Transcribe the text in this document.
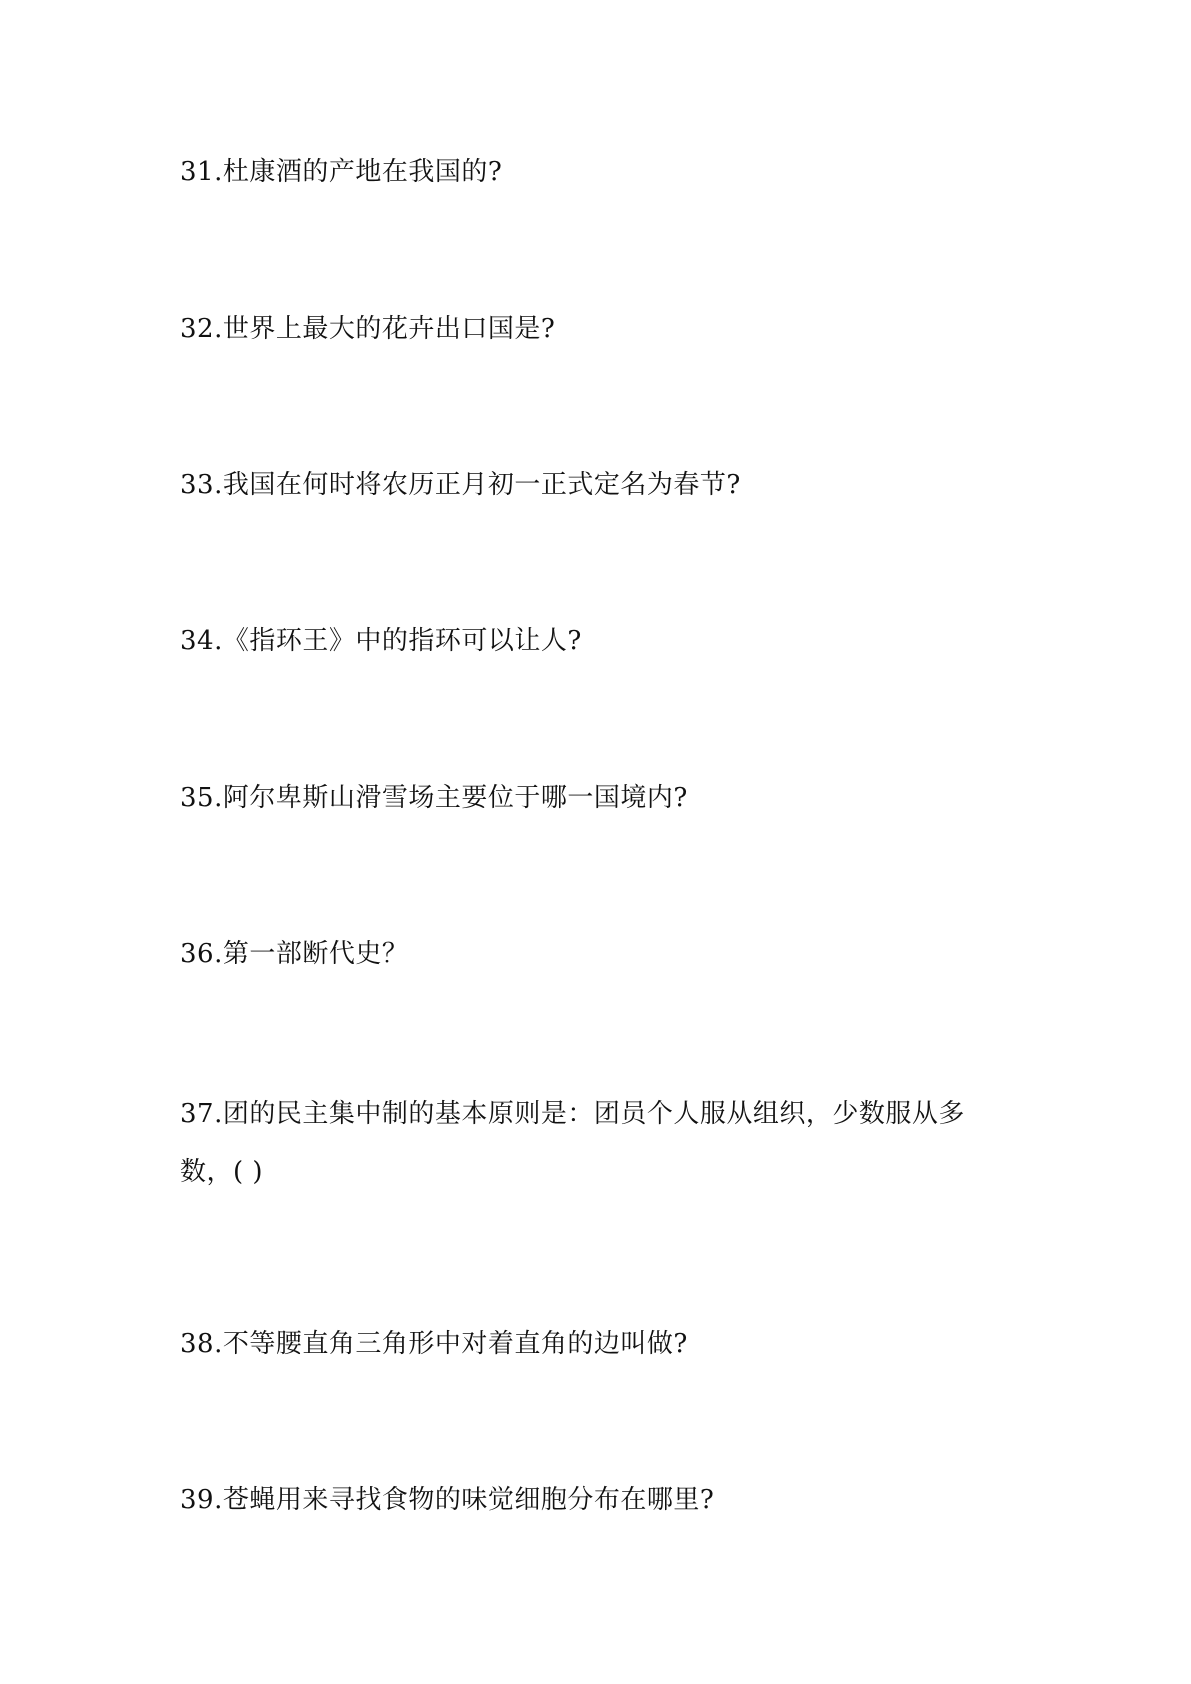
31.杜康酒的产地在我国的?
32.世界上最大的花卉出口国是?
33.我国在何时将农历正月初一正式定名为春节?
34.《指环王》中的指环可以让人?
35.阿尔卑斯山滑雪场主要位于哪一国境内?
36.第一部断代史？
37.团的民主集中制的基本原则是：团员个人服从组织，少数服从多数，( )
38.不等腰直角三角形中对着直角的边叫做?
39.苍蝇用来寻找食物的味觉细胞分布在哪里?
